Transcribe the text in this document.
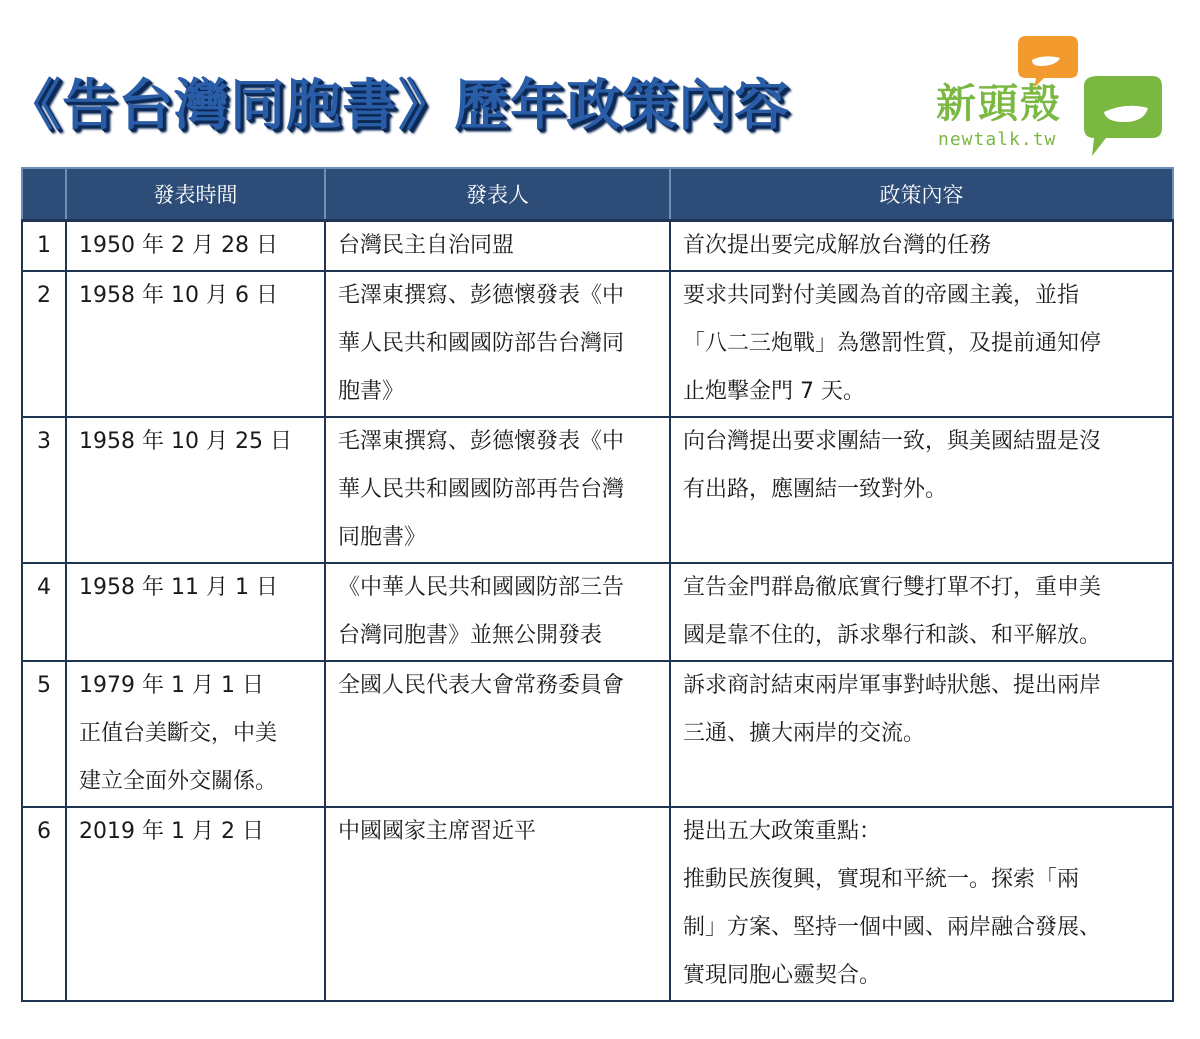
《告台灣同胞書》歷年政策內容	新頭殼
newtalk.tw
	發表時間	發表人	政策內容
1	1950 年 2 月 28 日	台灣民主自治同盟	首次提出要完成解放台灣的任務

2	1958 年 10 月 6 日	毛澤東撰寫、彭德懷發表《中
華人民共和國國防部告台灣同
胞書》	要求共同對付美國為首的帝國主義，並指
「八二三炮戰」為懲罰性質，及提前通知停
止炮擊金門 7 天。

3	1958 年 10 月 25 日	毛澤東撰寫、彭德懷發表《中
華人民共和國國防部再告台灣
同胞書》	向台灣提出要求團結一致，與美國結盟是沒
有出路，應團結一致對外。

4	1958 年 11 月 1 日	《中華人民共和國國防部三告
台灣同胞書》並無公開發表	宣告金門群島徹底實行雙打單不打，重申美
國是靠不住的，訴求舉行和談、和平解放。

5	1979 年 1 月 1 日
正值台美斷交，中美
建立全面外交關係。	全國人民代表大會常務委員會	訴求商討結束兩岸軍事對峙狀態、提出兩岸
三通、擴大兩岸的交流。

6	2019 年 1 月 2 日	中國國家主席習近平	提出五大政策重點：
推動民族復興，實現和平統一。探索「兩
制」方案、堅持一個中國、兩岸融合發展、
實現同胞心靈契合。
